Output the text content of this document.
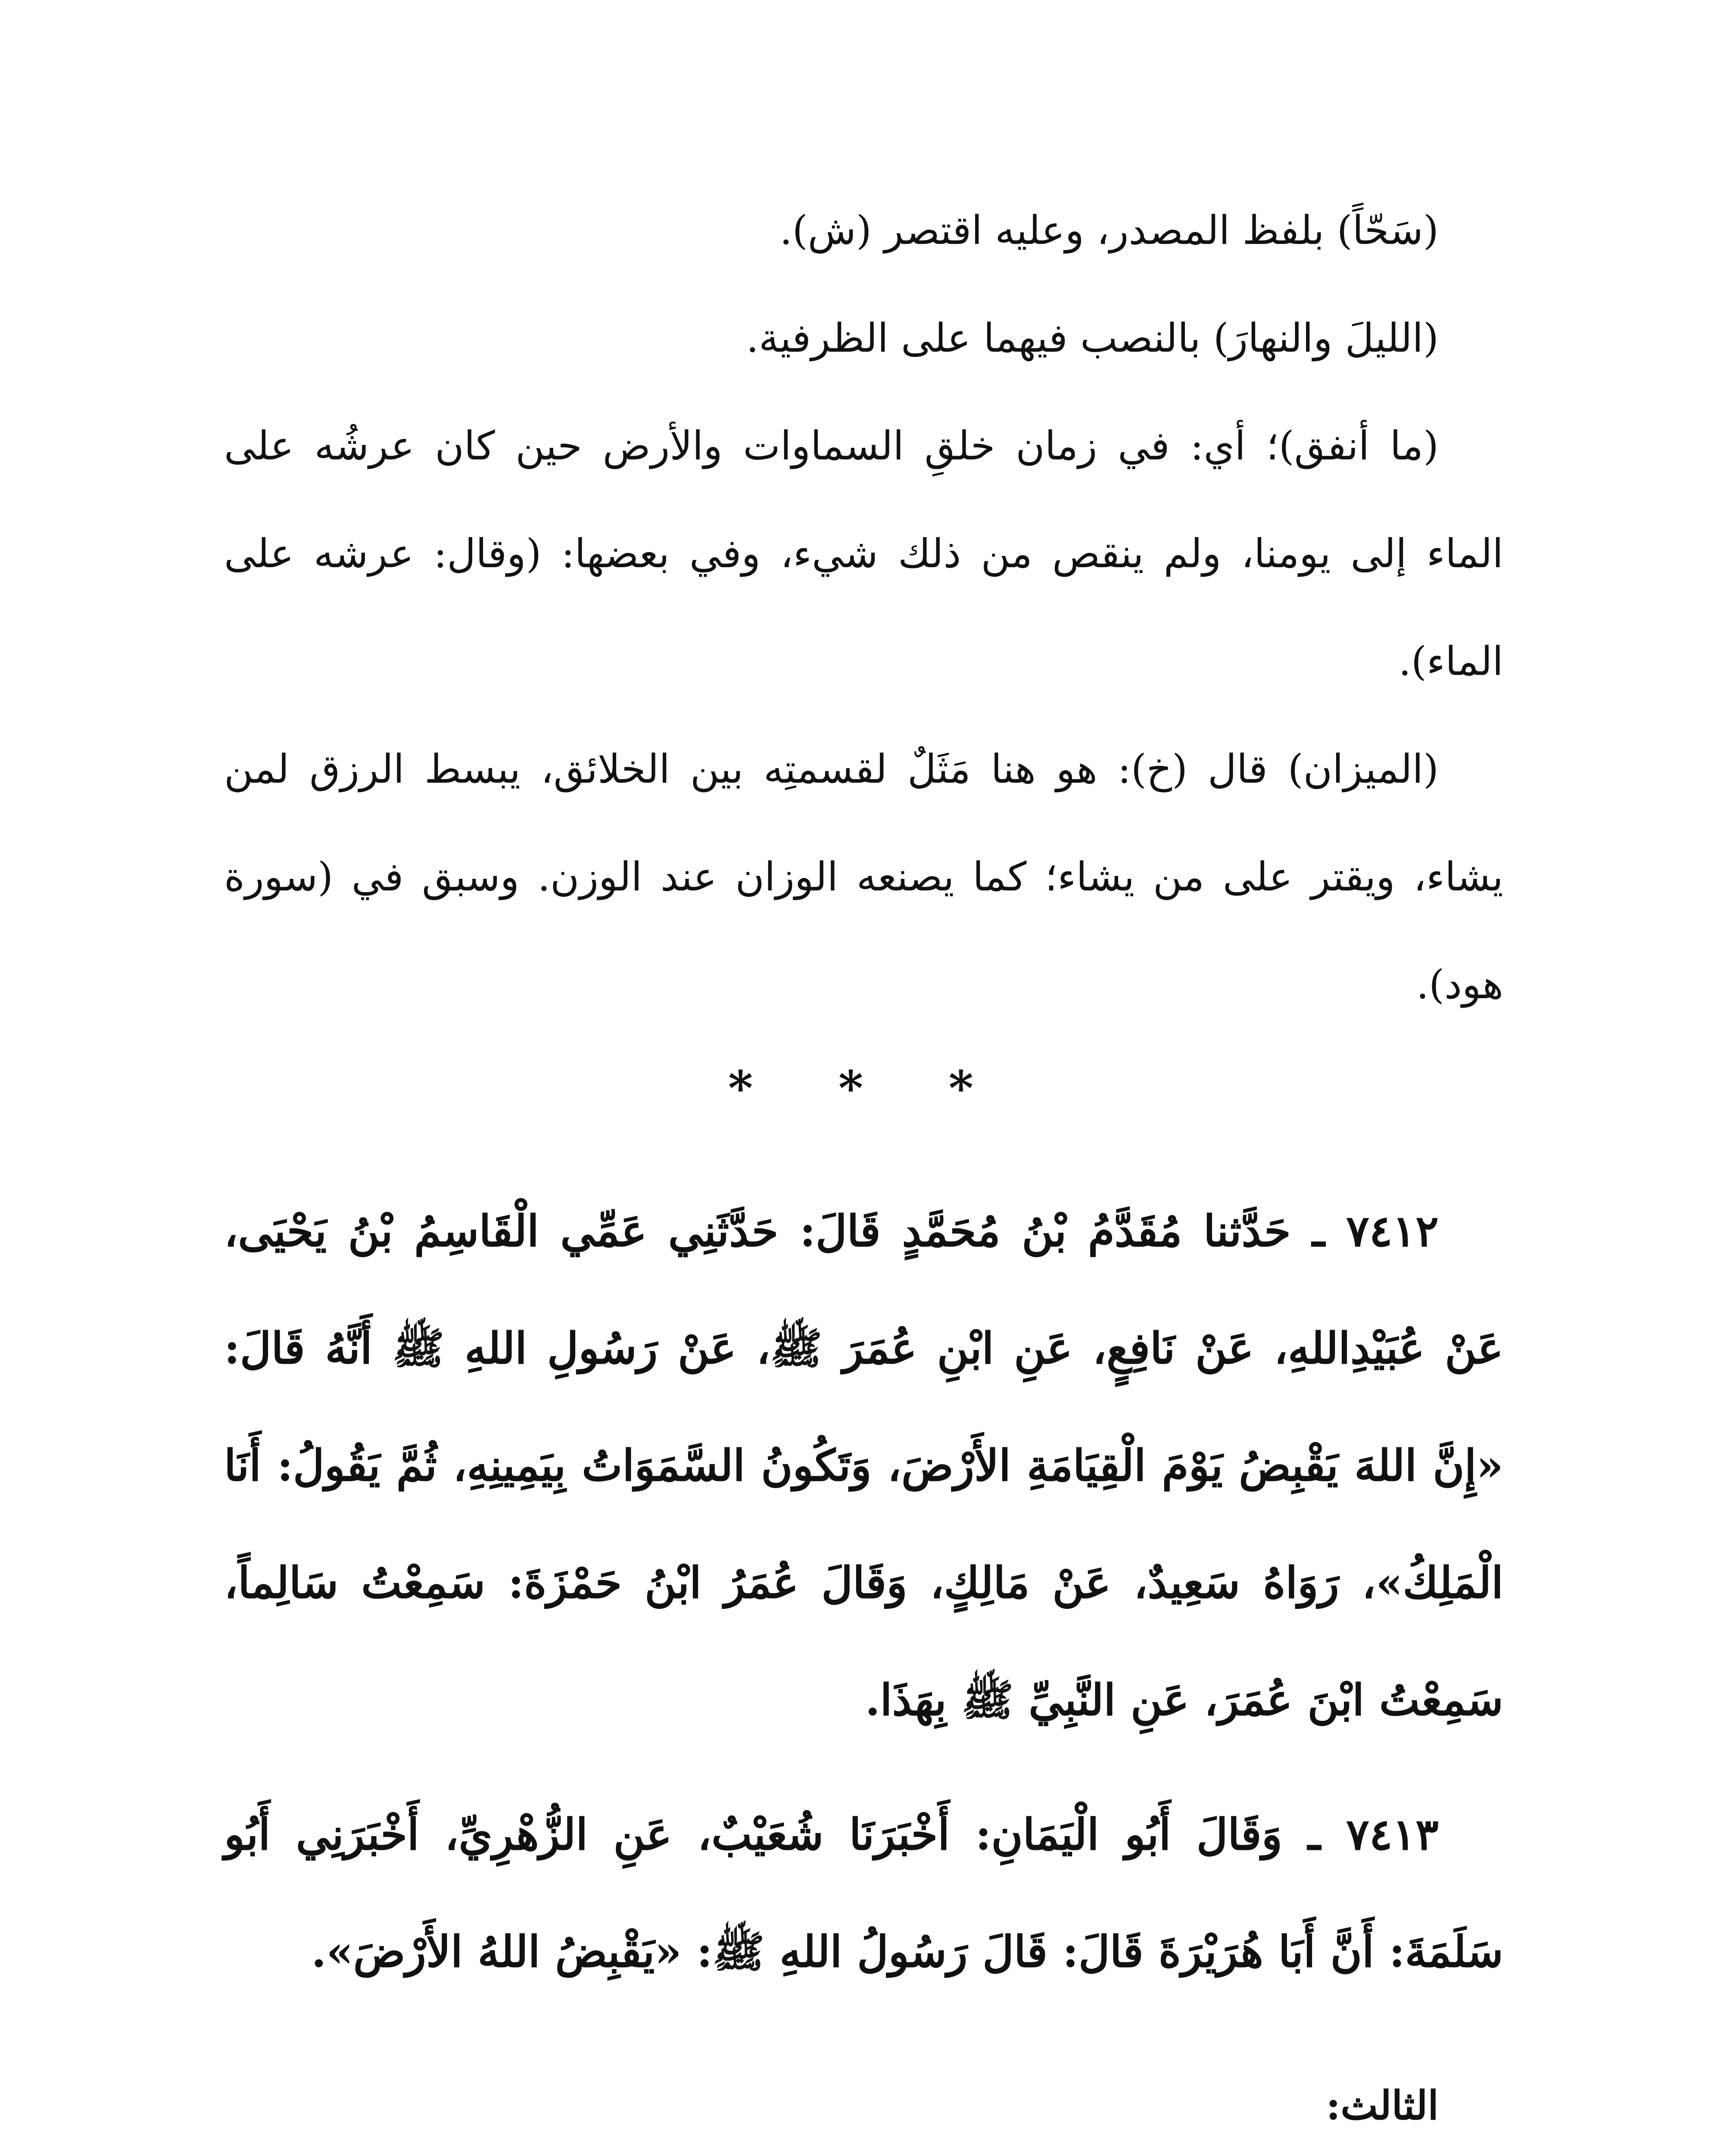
(سَحّاً) بلفظ المصدر، وعليه اقتصر (ش).

(الليلَ والنهارَ) بالنصب فيهما على الظرفية.

(ما أنفق)؛ أي: في زمان خلقِ السماوات والأرض حين كان عرشُه على الماء إلى يومنا، ولم ينقص من ذلك شيء، وفي بعضها: (وقال: عرشه على الماء).

(الميزان) قال (خ): هو هنا مَثَلٌ لقسمتِه بين الخلائق، يبسط الرزق لمن يشاء، ويقتر على من يشاء؛ كما يصنعه الوزان عند الوزن. وسبق في (سورة هود).

* * *

٧٤١٢ ـ حَدَّثنا مُقَدَّمُ بْنُ مُحَمَّدٍ قَالَ: حَدَّثَنِي عَمِّي الْقَاسِمُ بْنُ يَحْيَى، عَنْ عُبَيْدِاللهِ، عَنْ نَافِعٍ، عَنِ ابْنِ عُمَرَ ﷺ، عَنْ رَسُولِ اللهِ ﷺ أَنَّهُ قَالَ: «إِنَّ اللهَ يَقْبِضُ يَوْمَ الْقِيَامَةِ الأَرْضَ، وَتَكُونُ السَّمَوَاتُ بِيَمِينِهِ، ثُمَّ يَقُولُ: أَنَا الْمَلِكُ»، رَوَاهُ سَعِيدٌ، عَنْ مَالِكٍ، وَقَالَ عُمَرُ ابْنُ حَمْزَةَ: سَمِعْتُ سَالِماً، سَمِعْتُ ابْنَ عُمَرَ، عَنِ النَّبِيِّ ﷺ بِهَذَا.

٧٤١٣ ـ وَقَالَ أَبُو الْيَمَانِ: أَخْبَرَنَا شُعَيْبٌ، عَنِ الزُّهْرِيِّ، أَخْبَرَنِي أَبُو سَلَمَةَ: أَنَّ أَبَا هُرَيْرَةَ قَالَ: قَالَ رَسُولُ اللهِ ﷺ: «يَقْبِضُ اللهُ الأَرْضَ».

الثالث:
